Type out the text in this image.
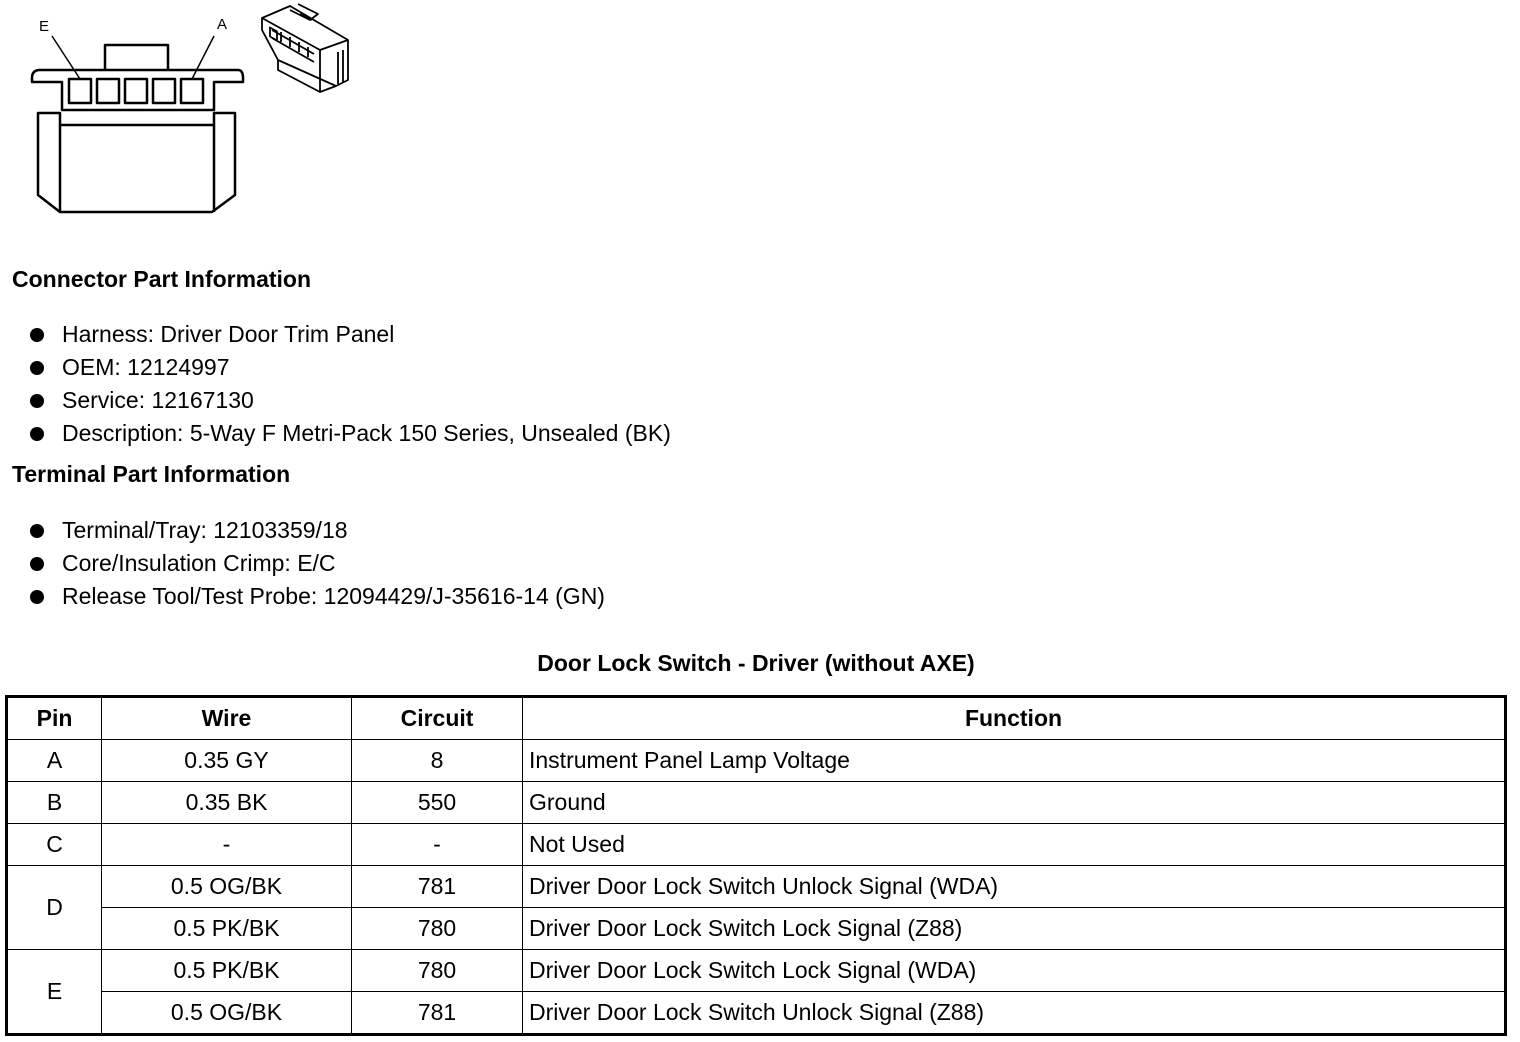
E	A
Connector Part Information
Harness: Driver Door Trim Panel
OEM: 12124997
Service: 12167130
Description: 5-Way F Metri-Pack 150 Series, Unsealed (BK)
Terminal Part Information
Terminal/Tray: 12103359/18
Core/Insulation Crimp: E/C
Release Tool/Test Probe: 12094429/J-35616-14 (GN)
Door Lock Switch - Driver (without AXE)
Pin	Wire	Circuit	Function
A	0.35 GY	8	Instrument Panel Lamp Voltage
B	0.35 BK	550	Ground
C	-	-	Not Used
D	0.5 OG/BK	781	Driver Door Lock Switch Unlock Signal (WDA)
	0.5 PK/BK	780	Driver Door Lock Switch Lock Signal (Z88)
E	0.5 PK/BK	780	Driver Door Lock Switch Lock Signal (WDA)
	0.5 OG/BK	781	Driver Door Lock Switch Unlock Signal (Z88)
